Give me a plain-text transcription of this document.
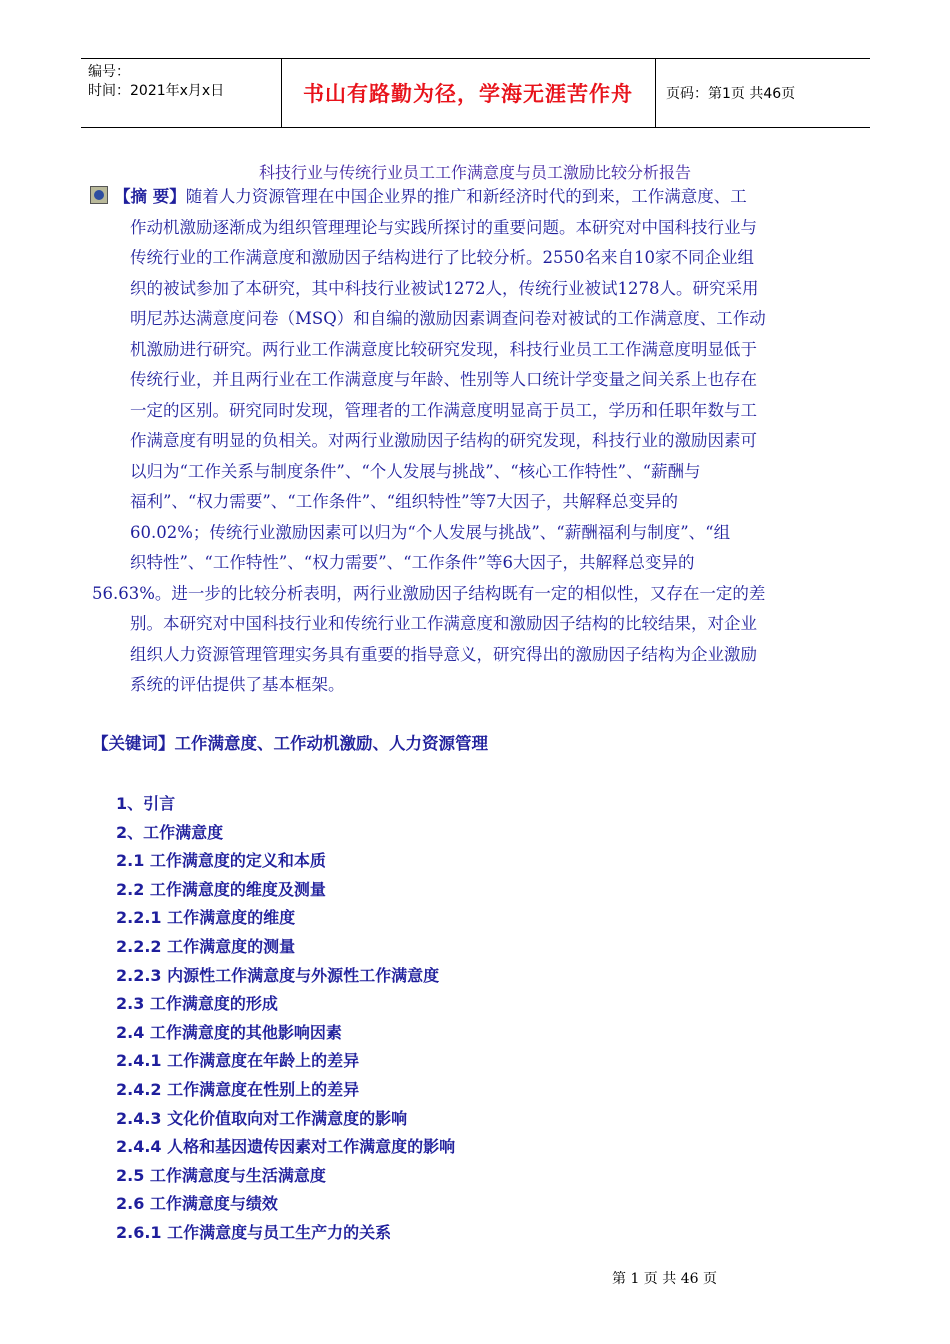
编号：
时间：2021年x月x日	书山有路勤为径，学海无涯苦作舟 页码：第1页 共46页
科技行业与传统行业员工工作满意度与员工激励比较分析报告
【摘 要】随着人力资源管理在中国企业界的推广和新经济时代的到来，工作满意度、工
作动机激励逐渐成为组织管理理论与实践所探讨的重要问题。本研究对中国科技行业与
传统行业的工作满意度和激励因子结构进行了比较分析。2550名来自10家不同企业组
织的被试参加了本研究，其中科技行业被试1272人，传统行业被试1278人。研究采用
明尼苏达满意度问卷（MSQ）和自编的激励因素调查问卷对被试的工作满意度、工作动
机激励进行研究。两行业工作满意度比较研究发现，科技行业员工工作满意度明显低于
传统行业，并且两行业在工作满意度与年龄、性别等人口统计学变量之间关系上也存在
一定的区别。研究同时发现，管理者的工作满意度明显高于员工，学历和任职年数与工
作满意度有明显的负相关。对两行业激励因子结构的研究发现，科技行业的激励因素可
以归为“工作关系与制度条件”、“个人发展与挑战”、“核心工作特性”、“薪酬与
福利”、“权力需要”、“工作条件”、“组织特性”等7大因子，共解释总变异的
60.02%；传统行业激励因素可以归为“个人发展与挑战”、“薪酬福利与制度”、“组
织特性”、“工作特性”、“权力需要”、“工作条件”等6大因子，共解释总变异的
56.63%。进一步的比较分析表明，两行业激励因子结构既有一定的相似性，又存在一定的差
别。本研究对中国科技行业和传统行业工作满意度和激励因子结构的比较结果，对企业
组织人力资源管理管理实务具有重要的指导意义，研究得出的激励因子结构为企业激励
系统的评估提供了基本框架。
【关键词】工作满意度、工作动机激励、人力资源管理
1、引言
2、工作满意度
2.1 工作满意度的定义和本质
2.2 工作满意度的维度及测量
2.2.1 工作满意度的维度
2.2.2 工作满意度的测量
2.2.3 内源性工作满意度与外源性工作满意度
2.3 工作满意度的形成
2.4 工作满意度的其他影响因素
2.4.1 工作满意度在年龄上的差异
2.4.2 工作满意度在性别上的差异
2.4.3 文化价值取向对工作满意度的影响
2.4.4 人格和基因遗传因素对工作满意度的影响
2.5 工作满意度与生活满意度
2.6 工作满意度与绩效
2.6.1 工作满意度与员工生产力的关系
第 1 页 共 46 页
